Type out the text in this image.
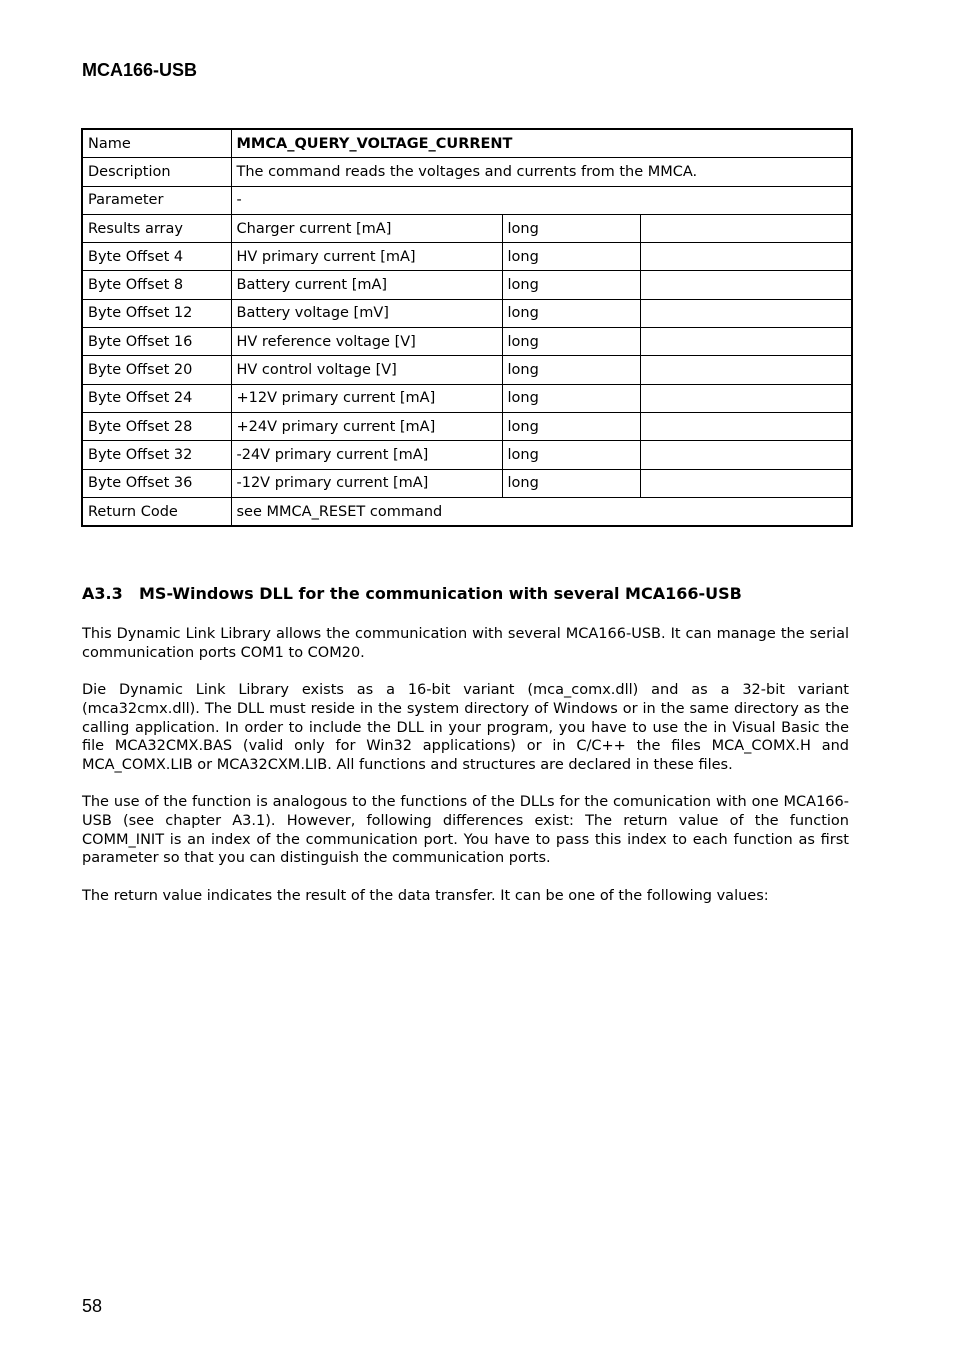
MCA166-USB
Name	MMCA_QUERY_VOLTAGE_CURRENT		
Description	The command reads the voltages and currents from the MMCA.		
Parameter	-		
Results array	Charger current [mA]	long	
Byte Offset 4	HV primary current [mA]	long	
Byte Offset 8	Battery current [mA]	long	
Byte Offset 12	Battery voltage [mV]	long	
Byte Offset 16	HV reference voltage [V]	long	
Byte Offset 20	HV control voltage [V]	long	
Byte Offset 24	+12V primary current [mA]	long	
Byte Offset 28	+24V primary current [mA]	long	
Byte Offset 32	-24V primary current [mA]	long	
Byte Offset 36	-12V primary current [mA]	long	
Return Code	see MMCA_RESET command		
A3.3 MS-Windows DLL for the communication with several MCA166-USB

This Dynamic Link Library allows the communication with several MCA166-USB. It can manage the serial communication ports COM1 to COM20.

Die Dynamic Link Library exists as a 16-bit variant (mca_comx.dll) and as a 32-bit variant (mca32cmx.dll). The DLL must reside in the system directory of Windows or in the same directory as the calling application. In order to include the DLL in your program, you have to use the in Visual Basic the file MCA32CMX.BAS (valid only for Win32 applications) or in C/C++ the files MCA_COMX.H and MCA_COMX.LIB or MCA32CXM.LIB. All functions and structures are declared in these files.

The use of the function is analogous to the functions of the DLLs for the comunication with one MCA166-USB (see chapter A3.1). However, following differences exist: The return value of the function COMM_INIT is an index of the communication port. You have to pass this index to each function as first parameter so that you can distinguish the communication ports.

The return value indicates the result of the data transfer. It can be one of the following values:

58
